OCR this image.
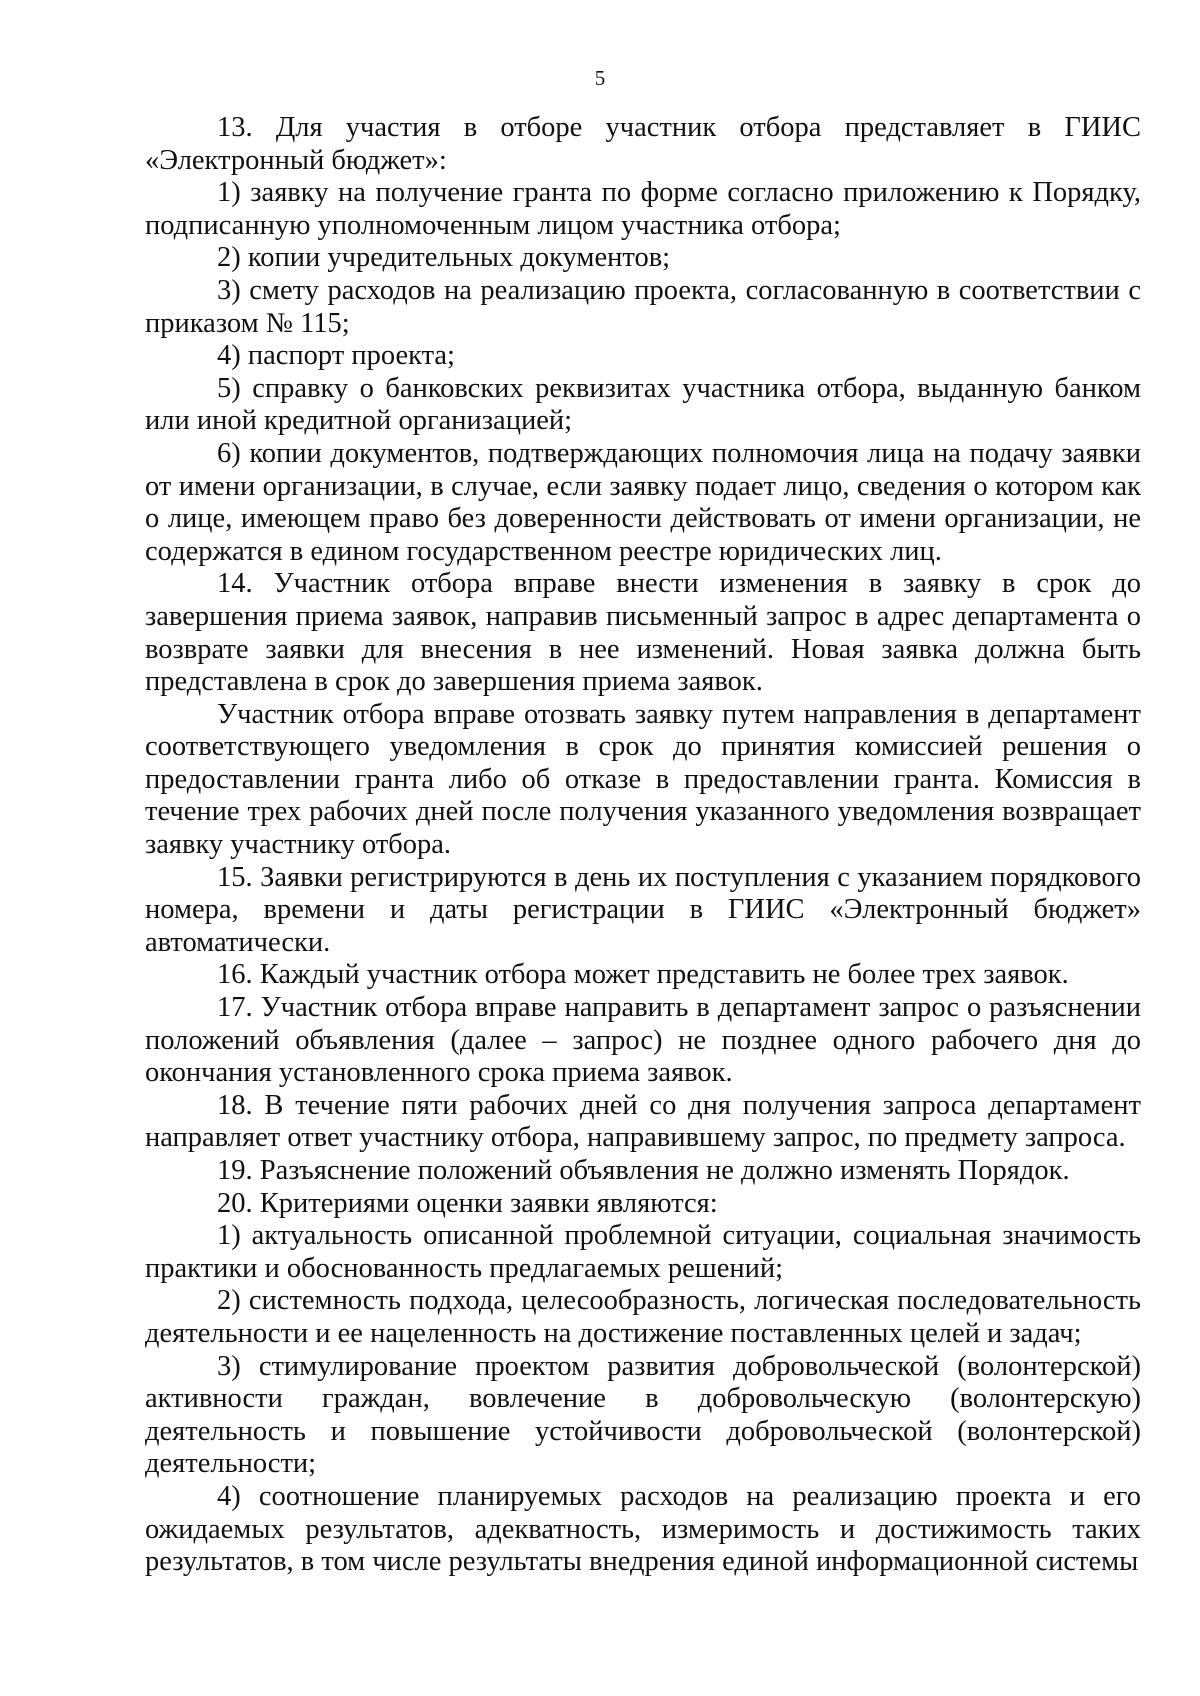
5

13. Для участия в отборе участник отбора представляет в ГИИС «Электронный бюджет»:

1) заявку на получение гранта по форме согласно приложению к Порядку, подписанную уполномоченным лицом участника отбора;

2) копии учредительных документов;

3) смету расходов на реализацию проекта, согласованную в соответствии с приказом № 115;

4) паспорт проекта;

5) справку о банковских реквизитах участника отбора, выданную банком или иной кредитной организацией;

6) копии документов, подтверждающих полномочия лица на подачу заявки от имени организации, в случае, если заявку подает лицо, сведения о котором как о лице, имеющем право без доверенности действовать от имени организации, не содержатся в едином государственном реестре юридических лиц.

14. Участник отбора вправе внести изменения в заявку в срок до завершения приема заявок, направив письменный запрос в адрес департамента о возврате заявки для внесения в нее изменений. Новая заявка должна быть представлена в срок до завершения приема заявок.

Участник отбора вправе отозвать заявку путем направления в департамент соответствующего уведомления в срок до принятия комиссией решения о предоставлении гранта либо об отказе в предоставлении гранта. Комиссия в течение трех рабочих дней после получения указанного уведомления возвращает заявку участнику отбора.

15. Заявки регистрируются в день их поступления с указанием порядкового номера, времени и даты регистрации в ГИИС «Электронный бюджет» автоматически.

16. Каждый участник отбора может представить не более трех заявок.

17. Участник отбора вправе направить в департамент запрос о разъяснении положений объявления (далее – запрос) не позднее одного рабочего дня до окончания установленного срока приема заявок.

18. В течение пяти рабочих дней со дня получения запроса департамент направляет ответ участнику отбора, направившему запрос, по предмету запроса.

19. Разъяснение положений объявления не должно изменять Порядок.

20. Критериями оценки заявки являются:

1) актуальность описанной проблемной ситуации, социальная значимость практики и обоснованность предлагаемых решений;

2) системность подхода, целесообразность, логическая последовательность деятельности и ее нацеленность на достижение поставленных целей и задач;

3) стимулирование проектом развития добровольческой (волонтерской) активности граждан, вовлечение в добровольческую (волонтерскую) деятельность и повышение устойчивости добровольческой (волонтерской) деятельности;

4) соотношение планируемых расходов на реализацию проекта и его ожидаемых результатов, адекватность, измеримость и достижимость таких результатов, в том числе результаты внедрения единой информационной системы
